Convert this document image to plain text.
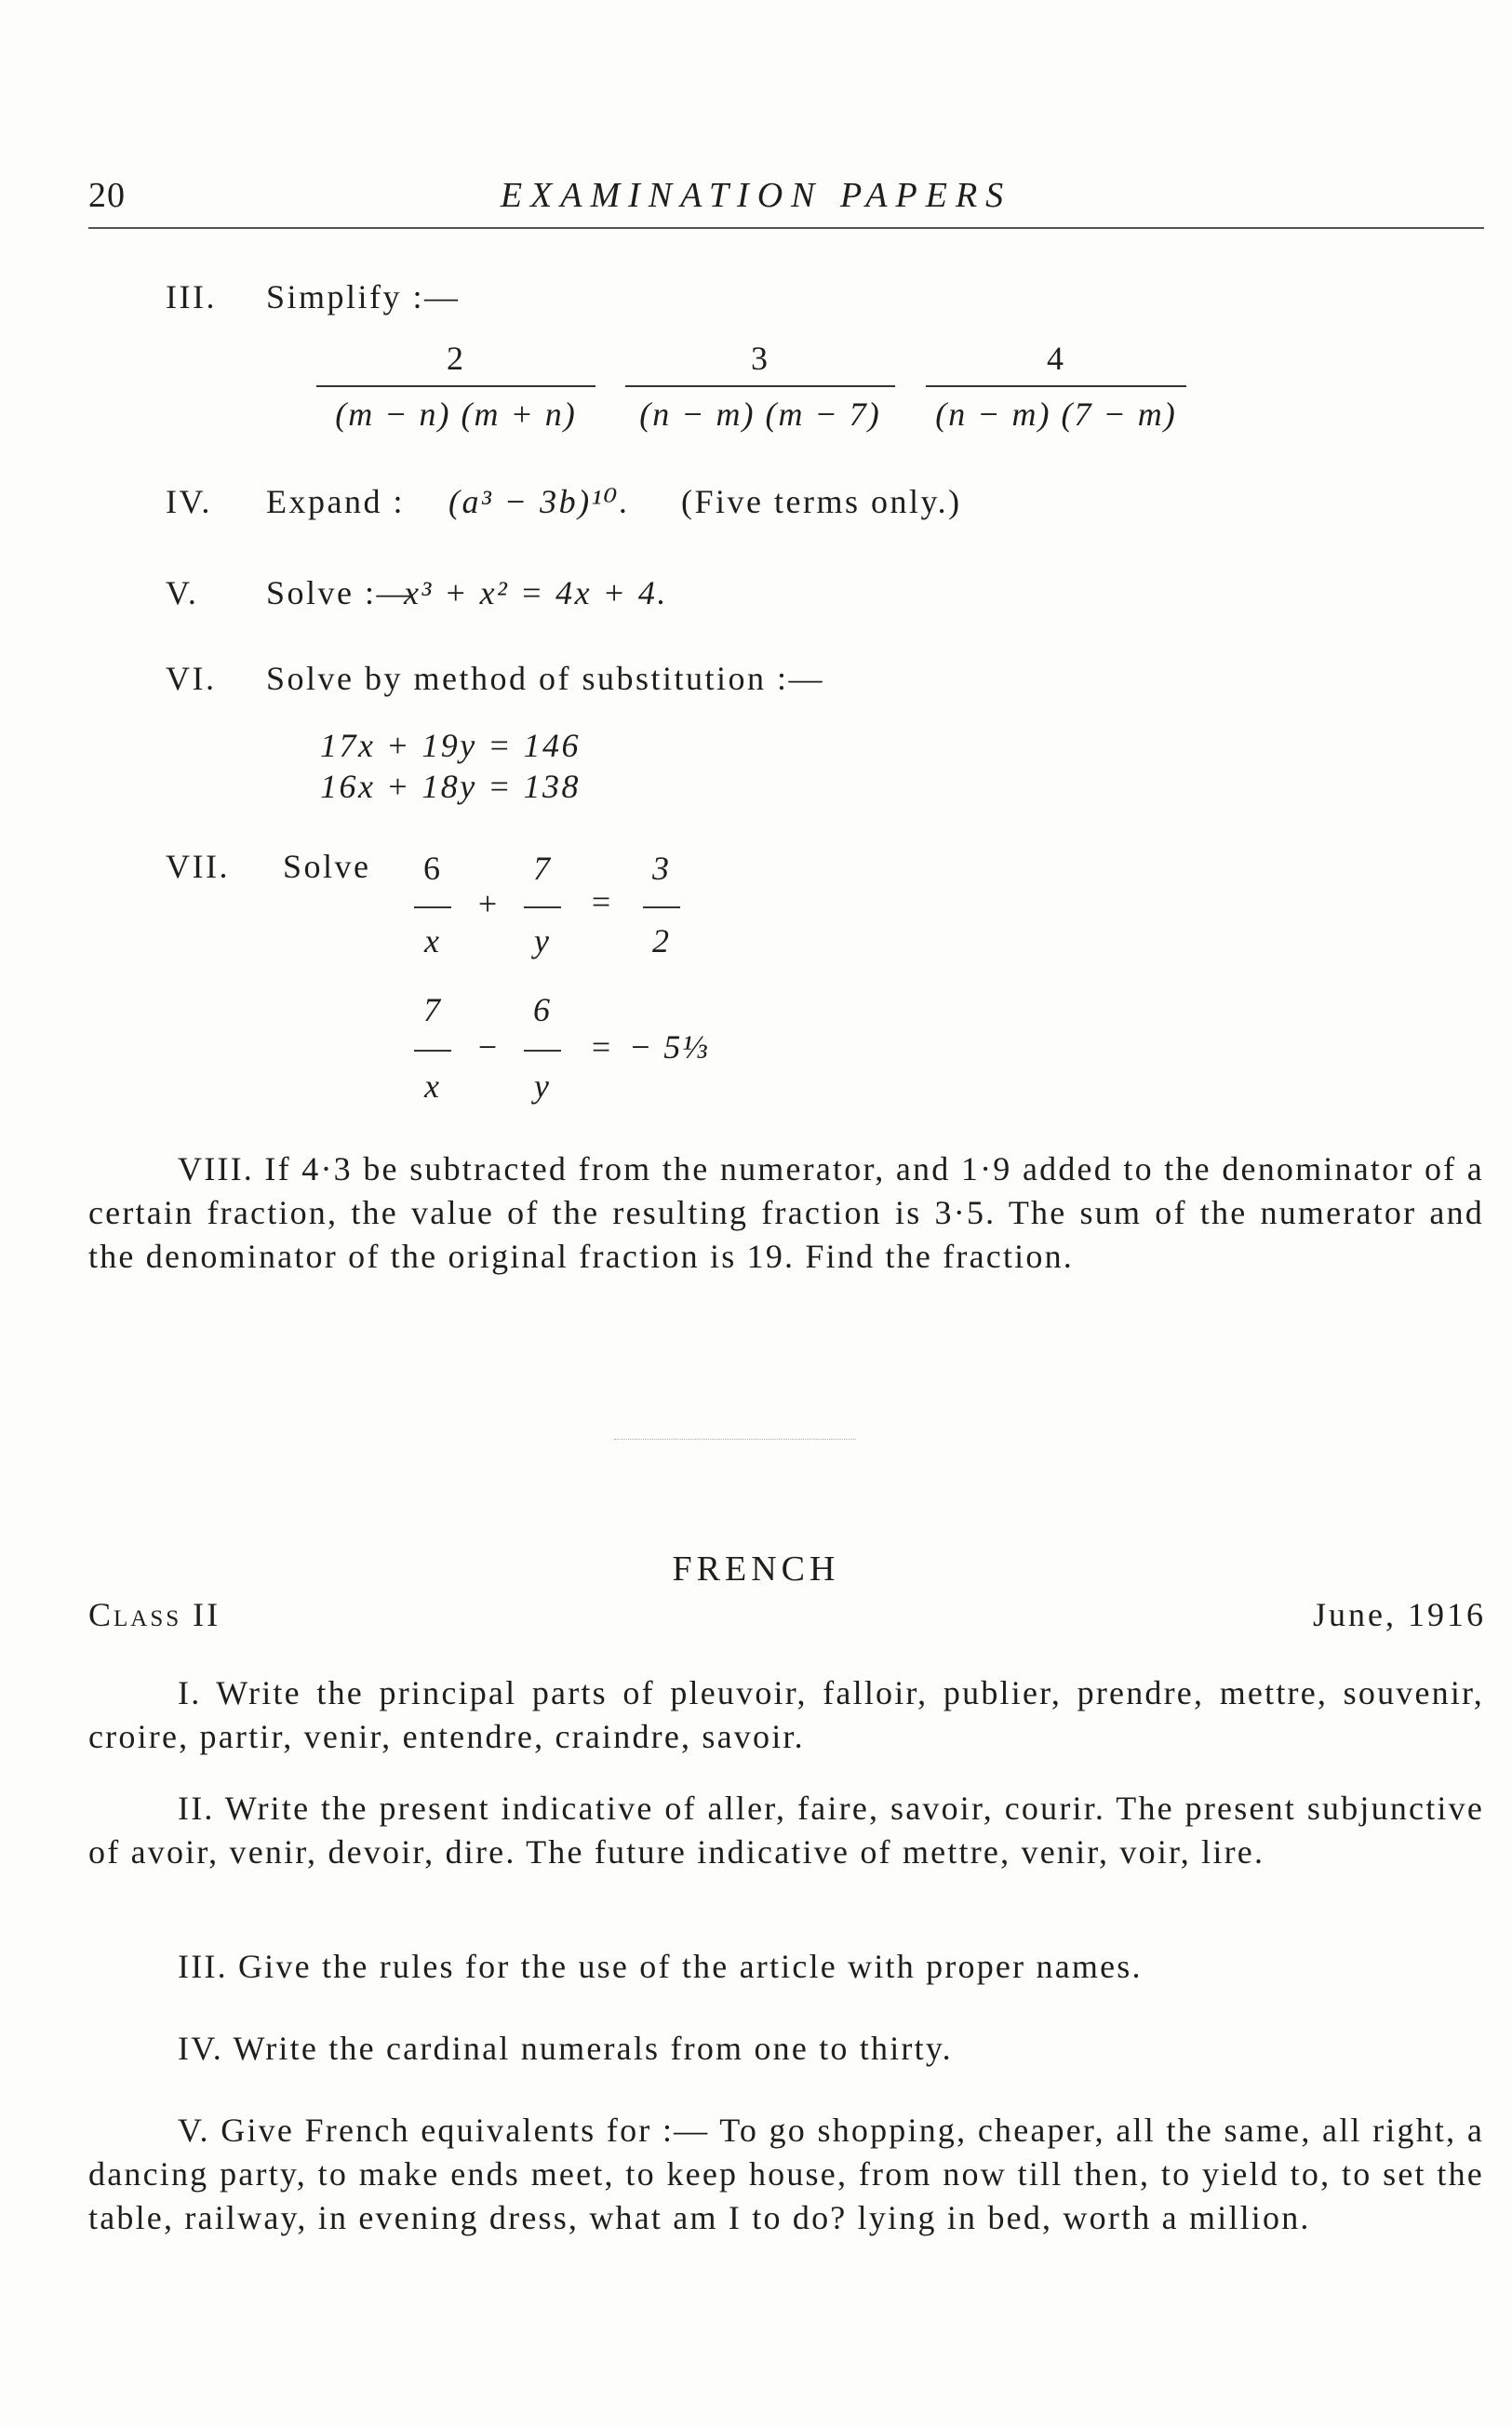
20	EXAMINATION PAPERS
III. Simplify :—
2
(m − n) (m + n)
3
(n − m) (m − 7)
4
(n − m) (7 − m)
IV. Expand : (a³ − 3b)¹⁰. (Five terms only.)
V. Solve :—
x³ + x² = 4x + 4.
VI. Solve by method of substitution :—
17x + 19y = 146
16x + 18y = 138
VII. Solve	6
x
+
7
y
=
3
2
7
x
−
6
y
= − 5⅓
VIII. If 4·3 be subtracted from the numerator, and 1·9 added to the denominator of a certain fraction, the value of the resulting fraction is 3·5. The sum of the numerator and the denominator of the original fraction is 19. Find the fraction.
FRENCH
Class II	June, 1916
I. Write the principal parts of pleuvoir, falloir, publier, prendre, mettre, souvenir, croire, partir, venir, entendre, craindre, savoir.
II. Write the present indicative of aller, faire, savoir, courir. The present subjunctive of avoir, venir, devoir, dire. The future indicative of mettre, venir, voir, lire.
III. Give the rules for the use of the article with proper names.
IV. Write the cardinal numerals from one to thirty.
V. Give French equivalents for :— To go shopping, cheaper, all the same, all right, a dancing party, to make ends meet, to keep house, from now till then, to yield to, to set the table, railway, in evening dress, what am I to do? lying in bed, worth a million.
